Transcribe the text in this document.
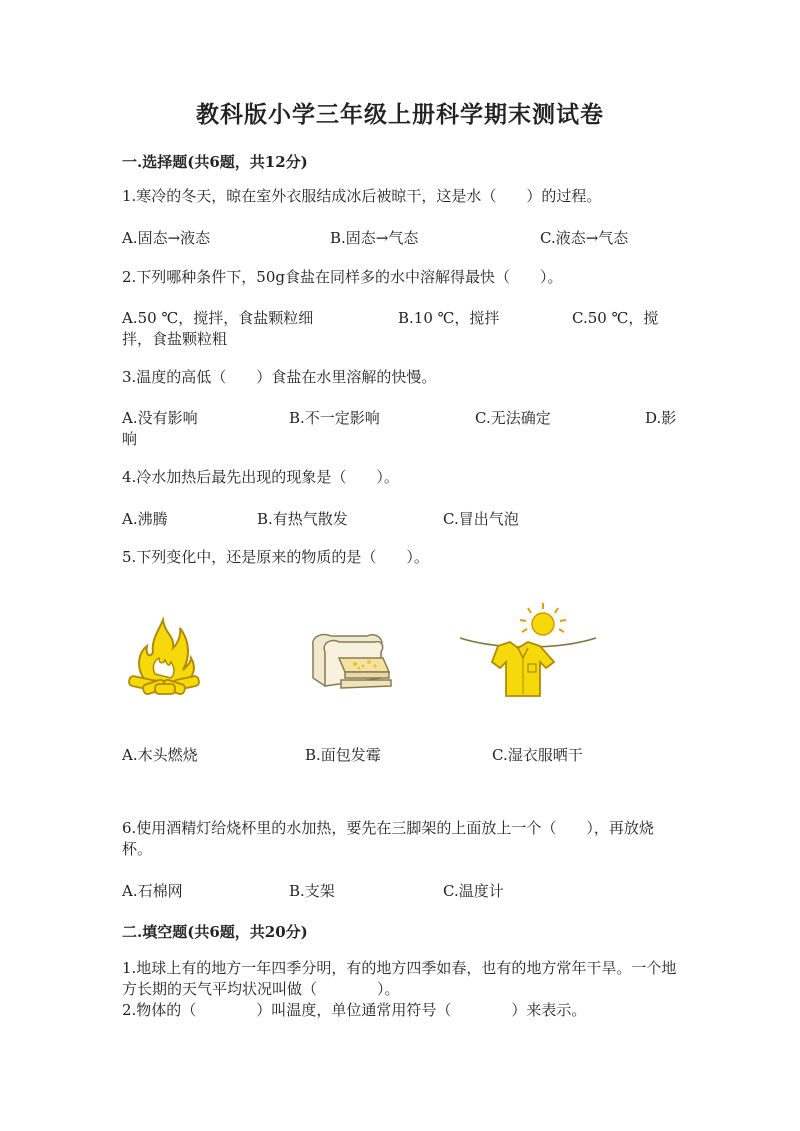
教科版小学三年级上册科学期末测试卷
一.选择题(共6题，共12分)
1.寒冷的冬天，晾在室外衣服结成冰后被晾干，这是水（　　）的过程。
A.固态→液态	B.固态→气态	C.液态→气态
2.下列哪种条件下，50g食盐在同样多的水中溶解得最快（　　）。
A.50 ℃，搅拌，食盐颗粒细	B.10 ℃，搅拌	C.50 ℃，搅
拌，食盐颗粒粗
3.温度的高低（　　）食盐在水里溶解的快慢。
A.没有影响	B.不一定影响	C.无法确定	D.影
响
4.冷水加热后最先出现的现象是（　　）。
A.沸腾	B.有热气散发	C.冒出气泡
5.下列变化中，还是原来的物质的是（　　）。
A.木头燃烧	B.面包发霉	C.湿衣服晒干
6.使用酒精灯给烧杯里的水加热，要先在三脚架的上面放上一个（　　），再放烧杯。
A.石棉网	B.支架	C.温度计
二.填空题(共6题，共20分)
1.地球上有的地方一年四季分明，有的地方四季如春，也有的地方常年干旱。一个地方长期的天气平均状况叫做（　　　　）。
2.物体的（　　　　）叫温度，单位通常用符号（　　　　）来表示。
